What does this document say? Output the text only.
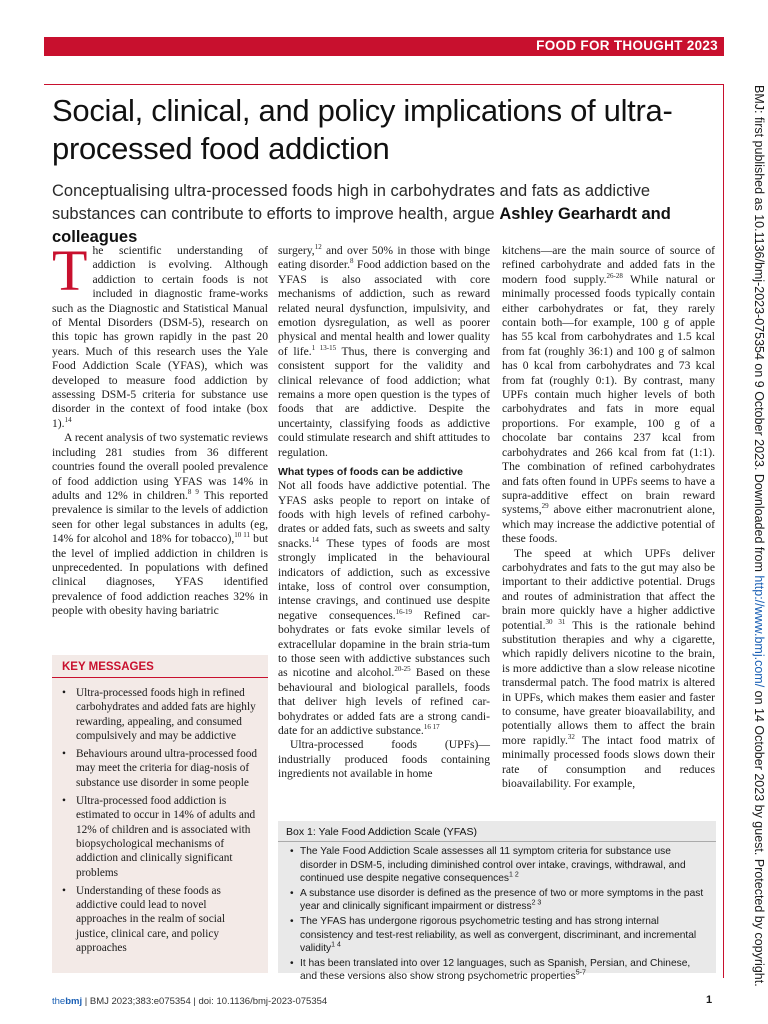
FOOD FOR THOUGHT 2023
BMJ: first published as 10.1136/bmj-2023-075354 on 9 October 2023. Downloaded from http://www.bmj.com/ on 14 October 2023 by guest. Protected by copyright.
Social, clinical, and policy implications of ultra-processed food addiction

Conceptualising ultra-processed foods high in carbohydrates and fats as addictive substances can contribute to efforts to improve health, argue Ashley Gearhardt and colleagues

The scientific understanding of addiction is evolving. Although addiction to certain foods is not included in diagnostic frame-works such as the Diagnostic and Statistical Manual of Mental Disorders (DSM-5), research on this topic has grown rapidly in the past 20 years. Much of this research uses the Yale Food Addiction Scale (YFAS), which was developed to measure food addiction by assessing DSM-5 criteria for substance use disorder in the context of food intake (box 1).$^{14}$

A recent analysis of two systematic reviews including 281 studies from 36 different countries found the overall pooled prevalence of food addiction using YFAS was 14% in adults and 12% in children.$^{8 9}$ This reported prevalence is similar to the levels of addiction seen for other legal substances in adults (eg, 14% for alcohol and 18% for tobacco),$^{10 11}$ but the level of implied addiction in children is unprecedented. In populations with defined clinical diagnoses, YFAS identified prevalence of food addiction reaches 32% in people with obesity having bariatric

surgery,$^{12}$ and over 50% in those with binge eating disorder.$^8$ Food addiction based on the YFAS is also associated with core mechanisms of addiction, such as reward related neural dysfunction, impulsivity, and emotion dysregulation, as well as poorer physical and mental health and lower quality of life.$^{1 13-15}$ Thus, there is converging and consistent support for the validity and clinical relevance of food addiction; what remains a more open question is the types of foods that are addictive. Despite the uncertainty, classifying foods as addictive could stimulate research and shift attitudes to regulation.

What types of foods can be addictive

Not all foods have addictive potential. The YFAS asks people to report on intake of foods with high levels of refined carbohy-drates or added fats, such as sweets and salty snacks.$^{14}$ These types of foods are most strongly implicated in the behavioural indicators of addiction, such as excessive intake, loss of control over consumption, intense cravings, and continued use despite negative consequences.$^{16-19}$ Refined car-bohydrates or fats evoke similar levels of extracellular dopamine in the brain stria-tum to those seen with addictive substances such as nicotine and alcohol.$^{20-25}$ Based on these behavioural and biological parallels, foods that deliver high levels of refined car-bohydrates or added fats are a strong candi-date for an addictive substance.$^{16 17}$

Ultra-processed foods (UPFs)—industrially produced foods containing ingredients not available in home

kitchens—are the main source of source of refined carbohydrate and added fats in the modern food supply.$^{26-28}$ While natural or minimally processed foods typically contain either carbohydrates or fat, they rarely contain both—for example, 100 g of apple has 55 kcal from carbohydrates and 1.5 kcal from fat (roughly 36:1) and 100 g of salmon has 0 kcal from carbohydrates and 73 kcal from fat (roughly 0:1). By contrast, many UPFs contain much higher levels of both carbohydrates and fats in more equal proportions. For example, 100 g of a chocolate bar contains 237 kcal from carbohydrates and 266 kcal from fat (1:1). The combination of refined carbohydrates and fats often found in UPFs seems to have a supra-additive effect on brain reward systems,$^{29}$ above either macronutrient alone, which may increase the addictive potential of these foods.

The speed at which UPFs deliver carbohydrates and fats to the gut may also be important to their addictive potential. Drugs and routes of administration that affect the brain more quickly have a higher addictive potential.$^{30 31}$ This is the rationale behind substitution therapies and why a cigarette, which rapidly delivers nicotine to the brain, is more addictive than a slow release nicotine transdermal patch. The food matrix is altered in UPFs, which makes them easier and faster to consume, have greater bioavailability, and potentially allows them to affect the brain more rapidly.$^{32}$ The intact food matrix of minimally processed foods slows down their rate of consumption and reduces bioavailability. For example,

KEY MESSAGES
• Ultra-processed foods high in refined carbohydrates and added fats are highly rewarding, appealing, and consumed compulsively and may be addictive
• Behaviours around ultra-processed food may meet the criteria for diag-nosis of substance use disorder in some people
• Ultra-processed food addiction is estimated to occur in 14% of adults and 12% of children and is associated with biopsychological mechanisms of addiction and clinically significant problems
• Understanding of these foods as addictive could lead to novel approaches in the realm of social justice, clinical care, and policy approaches
Box 1: Yale Food Addiction Scale (YFAS)
• The Yale Food Addiction Scale assesses all 11 symptom criteria for substance use disorder in DSM-5, including diminished control over intake, cravings, withdrawal, and continued use despite negative consequences$^{1 2}$
• A substance use disorder is defined as the presence of two or more symptoms in the past year and clinically significant impairment or distress$^{2 3}$
• The YFAS has undergone rigorous psychometric testing and has strong internal consistency and test-rest reliability, as well as convergent, discriminant, and incremental validity$^{1 4}$
• It has been translated into over 12 languages, such as Spanish, Persian, and Chinese, and these versions also show strong psychometric properties$^{5-7}$
thebmj | BMJ 2023;383:e075354 | doi: 10.1136/bmj-2023-075354	1
